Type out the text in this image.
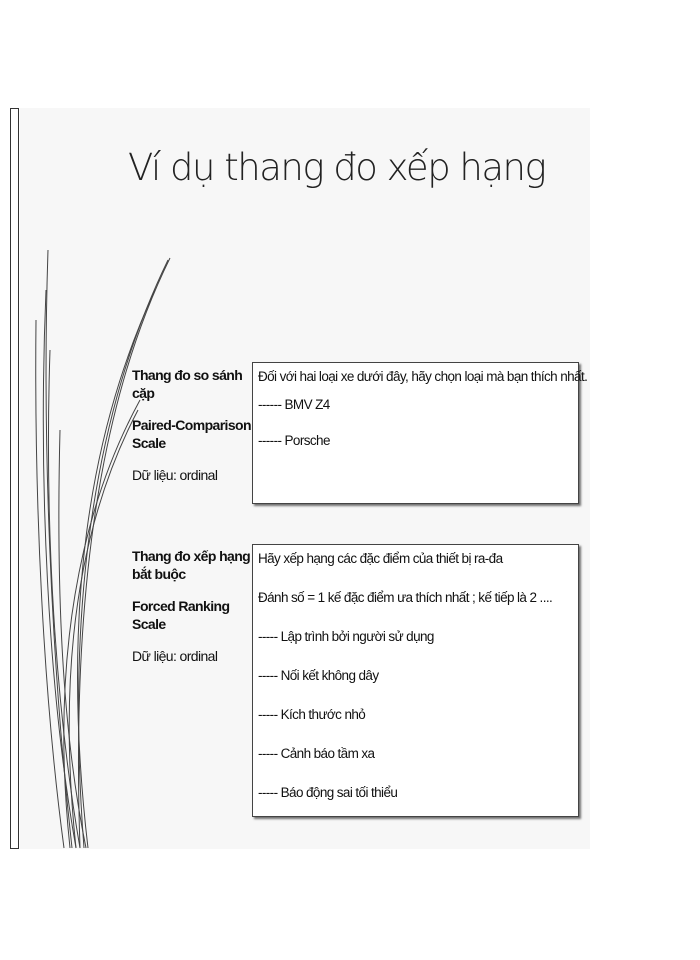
Ví dụ thang đo xếp hạng
Thang đo so sánh cặp
Paired-Comparison Scale
Dữ liệu: ordinal
Đối với hai loại xe dưới đây, hãy chọn loại mà bạn thích nhất.
------ BMV Z4
------ Porsche
Thang đo xếp hạng bắt buộc
Forced Ranking Scale
Dữ liệu: ordinal
Hãy xếp hạng các đặc điểm của thiết bị ra-đa
Đánh số = 1 kế đặc điểm ưa thích nhất ; kế tiếp là 2 ....
----- Lập trình bởi người sử dụng
----- Nối kết không dây
----- Kích thước nhỏ
----- Cảnh báo tầm xa
----- Báo động sai tối thiểu
